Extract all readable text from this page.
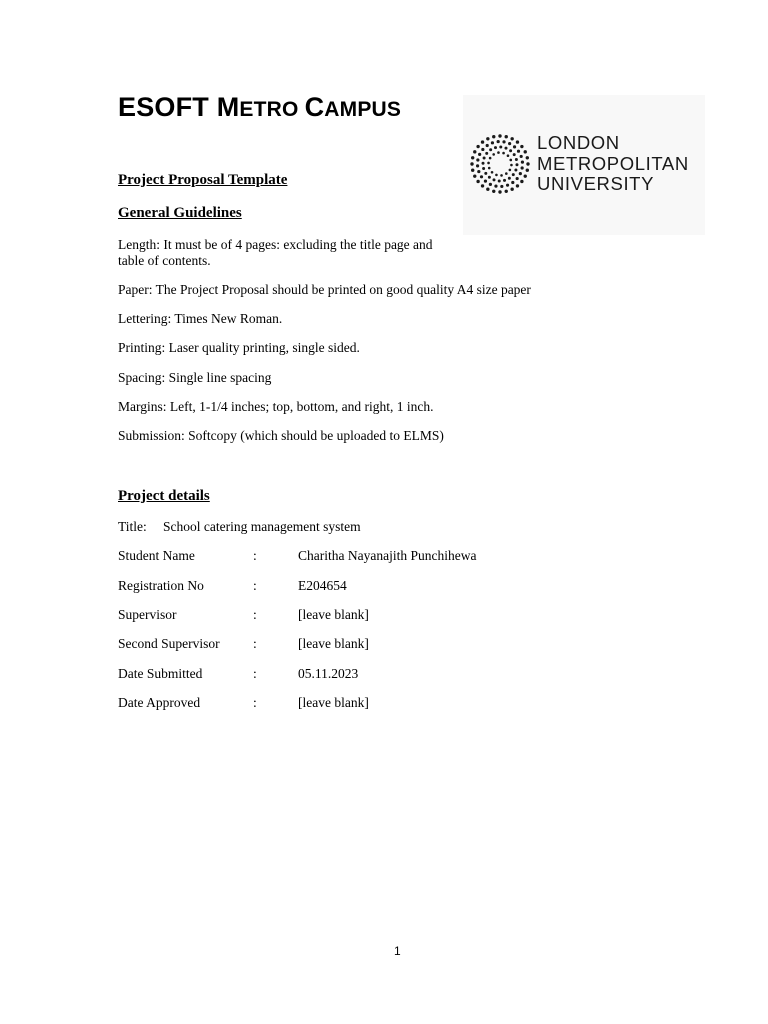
ESOFT METRO CAMPUS
LONDON
METROPOLITAN
UNIVERSITY
Project Proposal Template
General Guidelines
Length: It must be of 4 pages: excluding the title page and
table of contents.
Paper: The Project Proposal should be printed on good quality A4 size paper
Lettering: Times New Roman.
Printing: Laser quality printing, single sided.
Spacing: Single line spacing
Margins: Left, 1-1/4 inches; top, bottom, and right, 1 inch.
Submission: Softcopy (which should be uploaded to ELMS)
Project details
Title: School catering management system
Student Name	:	Charitha Nayanajith Punchihewa
Registration No	:	E204654
Supervisor	:	[leave blank]
Second Supervisor :	[leave blank]
Date Submitted	:	05.11.2023
Date Approved	:	[leave blank]
1
